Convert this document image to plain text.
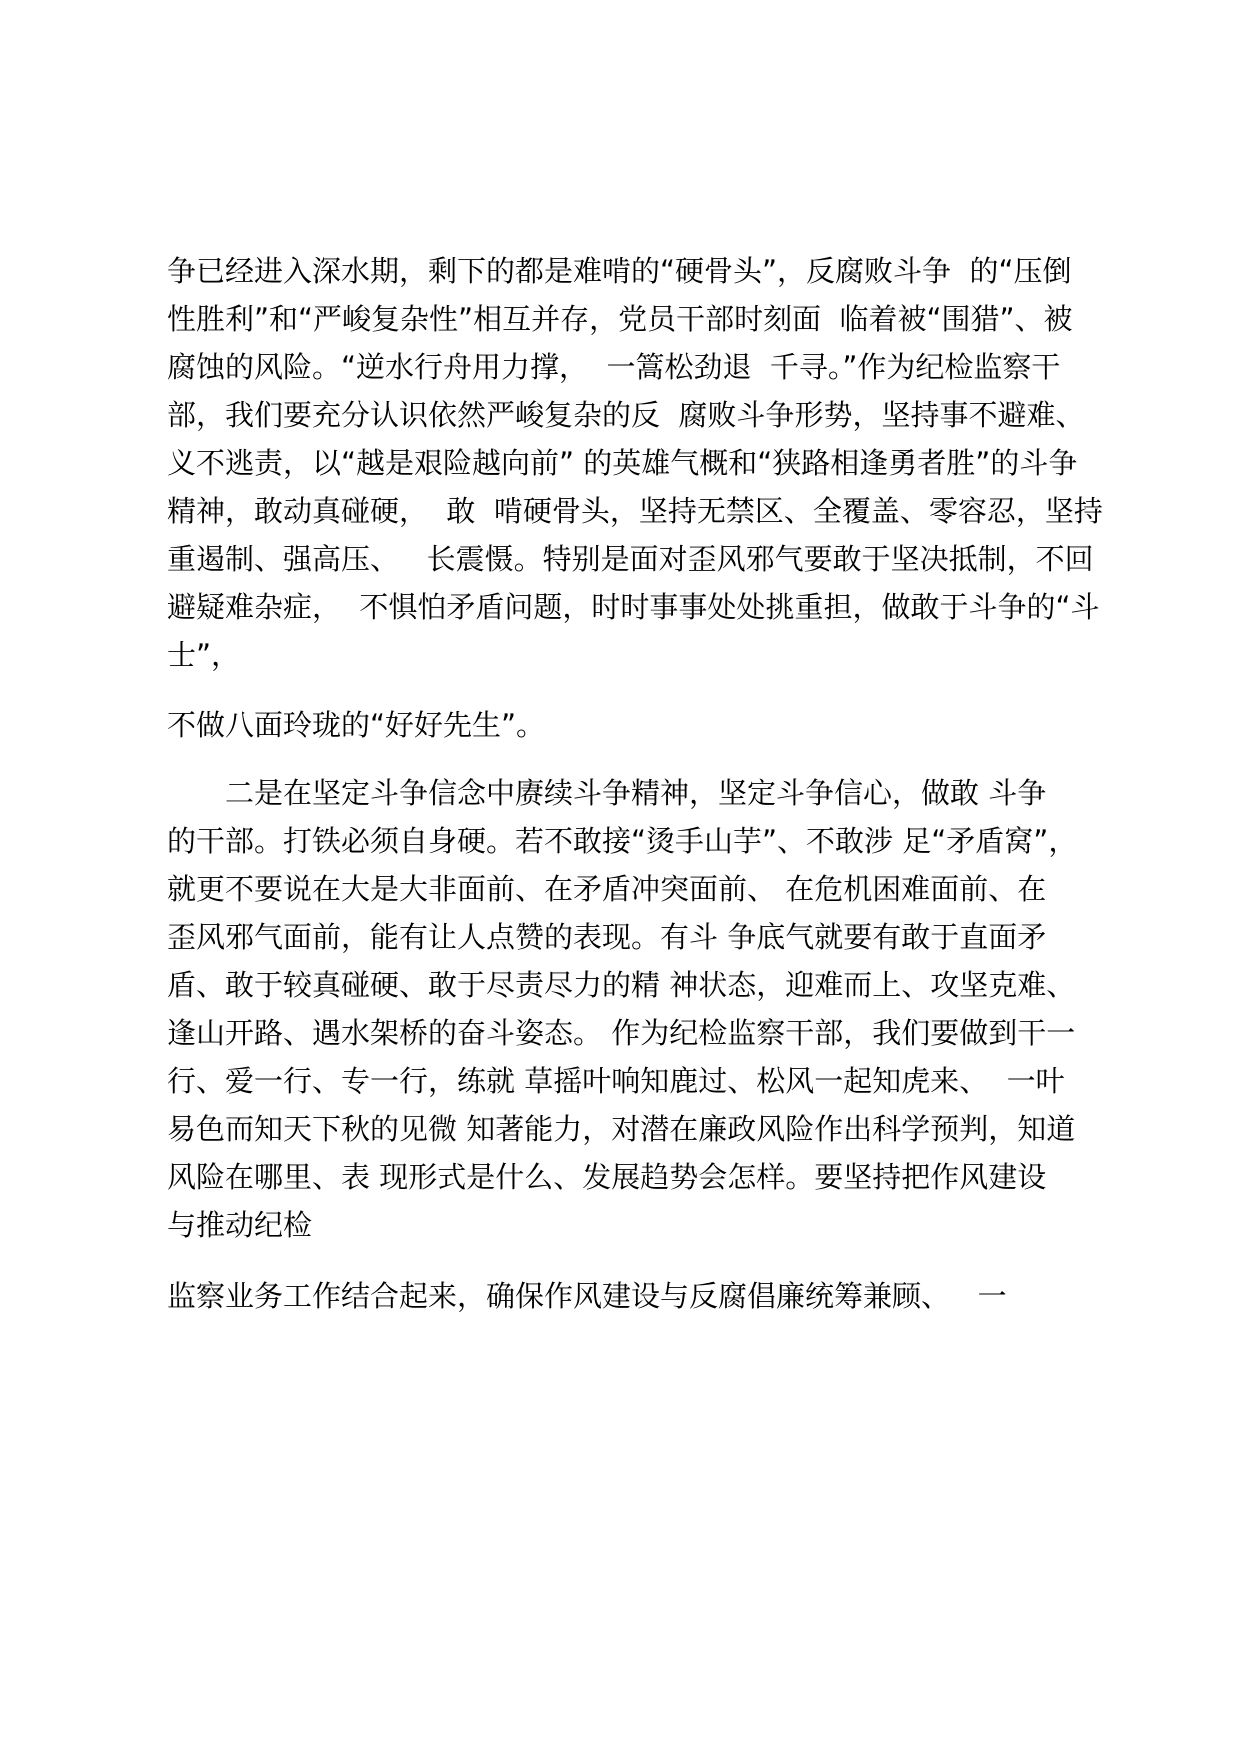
争已经进入深水期，剩下的都是难啃的“硬骨头”，反腐败斗争  的“压倒
性胜利”和“严峻复杂性”相互并存，党员干部时刻面  临着被“围猎”、被
腐蚀的风险。“逆水行舟用力撑，  一篙松劲退  千寻。”作为纪检监察干
部，我们要充分认识依然严峻复杂的反  腐败斗争形势，坚持事不避难、
义不逃责，以“越是艰险越向前” 的英雄气概和“狭路相逢勇者胜”的斗争
精神，敢动真碰硬，  敢  啃硬骨头，坚持无禁区、全覆盖、零容忍，坚持
重遏制、强高压、   长震慑。特别是面对歪风邪气要敢于坚决抵制，不回
避疑难杂症，  不惧怕矛盾问题，时时事事处处挑重担，做敢于斗争的“斗
士”，
不做八面玲珑的“好好先生”。
二是在坚定斗争信念中赓续斗争精神，坚定斗争信心，做敢 斗争
的干部。打铁必须自身硬。若不敢接“烫手山芋”、不敢涉 足“矛盾窝”，
就更不要说在大是大非面前、在矛盾冲突面前、 在危机困难面前、在
歪风邪气面前，能有让人点赞的表现。有斗 争底气就要有敢于直面矛
盾、敢于较真碰硬、敢于尽责尽力的精 神状态，迎难而上、攻坚克难、
逢山开路、遇水架桥的奋斗姿态。 作为纪检监察干部，我们要做到干一
行、爱一行、专一行，练就 草摇叶响知鹿过、松风一起知虎来、  一叶
易色而知天下秋的见微 知著能力，对潜在廉政风险作出科学预判，知道
风险在哪里、表 现形式是什么、发展趋势会怎样。要坚持把作风建设
与推动纪检
监察业务工作结合起来，确保作风建设与反腐倡廉统筹兼顾、   一
